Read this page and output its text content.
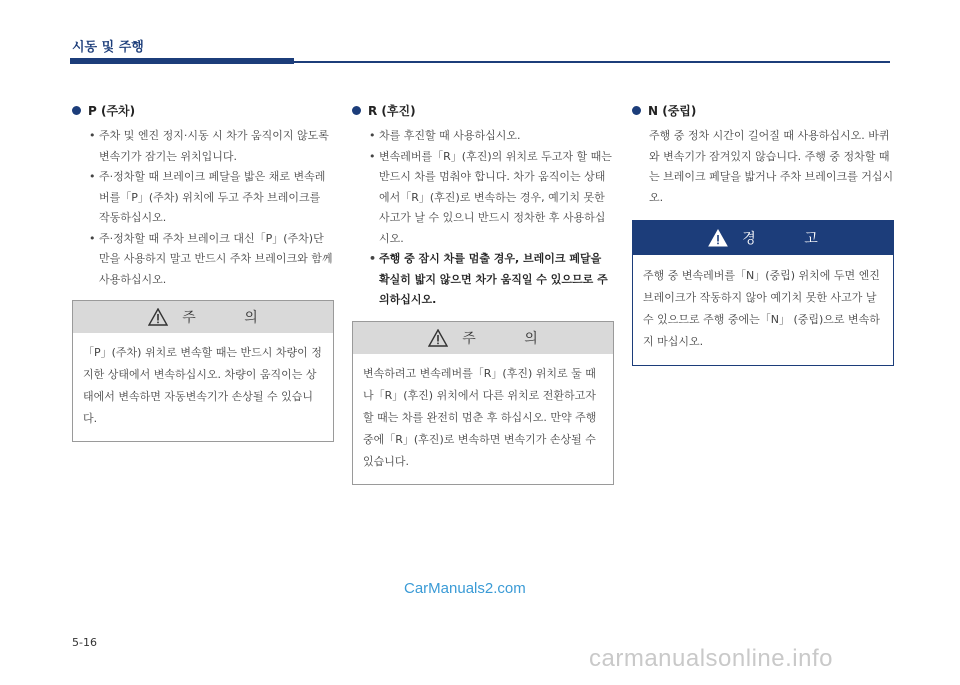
시동 및 주행
P (주차)
• 주차 및 엔진 정지·시동 시 차가 움직이지 않도록 변속기가 잠기는 위치입니다.
• 주·정차할 때 브레이크 페달을 밟은 채로 변속레버를「P」(주차) 위치에 두고 주차 브레이크를 작동하십시오.
• 주·정차할 때 주차 브레이크 대신「P」(주차)단만을 사용하지 말고 반드시 주차 브레이크와 함께 사용하십시오.
주 의
「P」(주차) 위치로 변속할 때는 반드시 차량이 정지한 상태에서 변속하십시오. 차량이 움직이는 상태에서 변속하면 자동변속기가 손상될 수 있습니다.
R (후진)
• 차를 후진할 때 사용하십시오.
• 변속레버를「R」(후진)의 위치로 두고자 할 때는 반드시 차를 멈춰야 합니다. 차가 움직이는 상태에서「R」(후진)로 변속하는 경우, 예기치 못한 사고가 날 수 있으니 반드시 정차한 후 사용하십시오.
• 주행 중 잠시 차를 멈출 경우, 브레이크 페달을 확실히 밟지 않으면 차가 움직일 수 있으므로 주의하십시오.
주 의
변속하려고 변속레버를「R」(후진) 위치로 둘 때나「R」(후진) 위치에서 다른 위치로 전환하고자 할 때는 차를 완전히 멈춘 후 하십시오. 만약 주행 중에「R」(후진)로 변속하면 변속기가 손상될 수 있습니다.
N (중립)
주행 중 정차 시간이 길어질 때 사용하십시오. 바퀴와 변속기가 잠겨있지 않습니다. 주행 중 정차할 때는 브레이크 페달을 밟거나 주차 브레이크를 거십시오.
경 고
주행 중 변속레버를「N」(중립) 위치에 두면 엔진 브레이크가 작동하지 않아 예기치 못한 사고가 날 수 있으므로 주행 중에는「N」 (중립)으로 변속하지 마십시오.
CarManuals2.com
5-16
carmanualsonline.info
